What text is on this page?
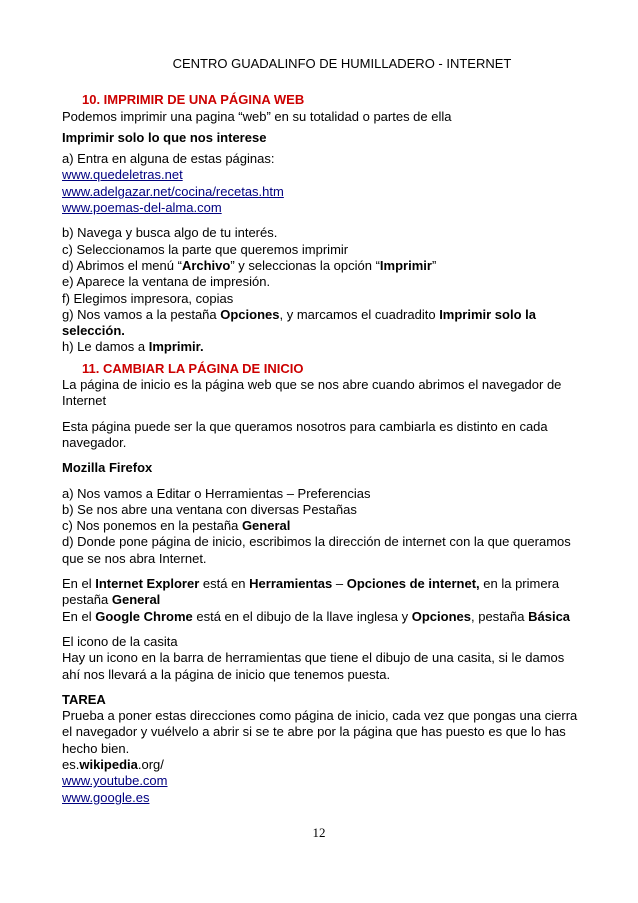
CENTRO GUADALINFO DE HUMILLADERO - INTERNET
10. IMPRIMIR DE UNA PÁGINA WEB
Podemos imprimir una pagina “web” en su totalidad o partes de ella
Imprimir solo lo que nos interese
a) Entra en alguna de estas páginas:
www.quedeletras.net
www.adelgazar.net/cocina/recetas.htm
www.poemas-del-alma.com
b) Navega y busca algo de tu interés.
c) Seleccionamos la parte que queremos imprimir
d) Abrimos el menú “Archivo” y seleccionas la opción “Imprimir”
e) Aparece la ventana de impresión.
f) Elegimos impresora, copias
g) Nos vamos a la pestaña Opciones, y marcamos el cuadradito Imprimir solo la
selección.
h) Le damos a Imprimir.
11. CAMBIAR LA PÁGINA DE INICIO
La página de inicio es la página web que se nos abre cuando abrimos el navegador de
Internet
Esta página puede ser la que queramos nosotros para cambiarla es distinto en cada
navegador.
Mozilla Firefox
a) Nos vamos a Editar o Herramientas – Preferencias
b) Se nos abre una ventana con diversas Pestañas
c) Nos ponemos en la pestaña General
d) Donde pone página de inicio, escribimos la dirección de internet con la que queramos
que se nos abra Internet.
En el Internet Explorer está en Herramientas – Opciones de internet, en la primera
pestaña General
En el Google Chrome está en el dibujo de la llave inglesa y Opciones, pestaña Básica
El icono de la casita
Hay un icono en la barra de herramientas que tiene el dibujo de una casita, si le damos
ahí nos llevará a la página de inicio que tenemos puesta.
TAREA
Prueba a poner estas direcciones como página de inicio, cada vez que pongas una cierra
el navegador y vuélvelo a abrir si se te abre por la página que has puesto es que lo has
hecho bien.
es.wikipedia.org/
www.youtube.com
www.google.es
12
